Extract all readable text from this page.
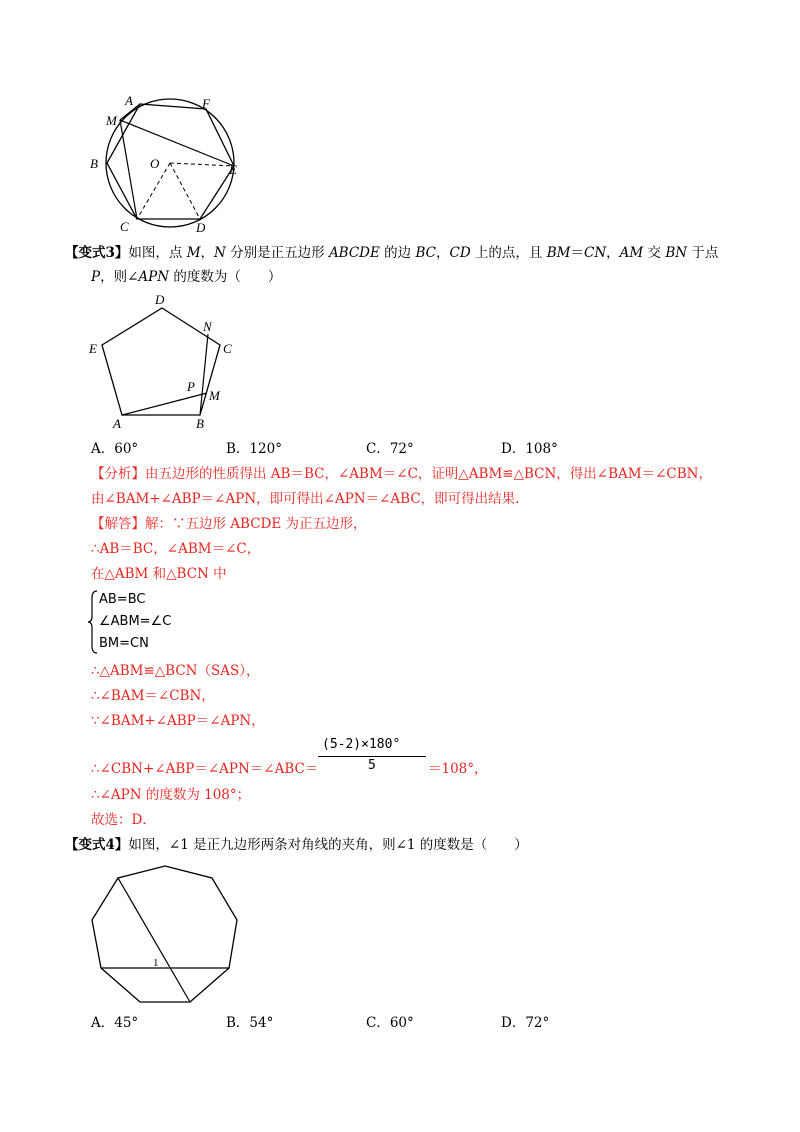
A	F
M
B	O	E
C	D
【变式3】如图，点 M，N 分别是正五边形 ABCDE 的边 BC，CD 上的点，且 BM＝CN，AM 交 BN 于点
P，则∠APN 的度数为（　　）
D
N
E	C
P
M
A	B
A．60°	B．120°	C．72°	D．108°
【分析】由五边形的性质得出 AB＝BC，∠ABM＝∠C，证明△ABM≌△BCN，得出∠BAM＝∠CBN，
由∠BAM+∠ABP＝∠APN，即可得出∠APN＝∠ABC，即可得出结果.
【解答】解：∵五边形 ABCDE 为正五边形，
∴AB＝BC，∠ABM＝∠C，
在△ABM 和△BCN 中
AB=BC
∠ABM=∠C
BM=CN
∴△ABM≌△BCN（SAS），
∴∠BAM＝∠CBN，
∵∠BAM+∠ABP＝∠APN，
(5-2)×180°
5
∴∠CBN+∠ABP＝∠APN＝∠ABC＝	＝108°，
∴∠APN 的度数为 108°；
故选：D．
【变式4】如图，∠1 是正九边形两条对角线的夹角，则∠1 的度数是（　　）
1
A．45°	B．54°	C．60°	D．72°
